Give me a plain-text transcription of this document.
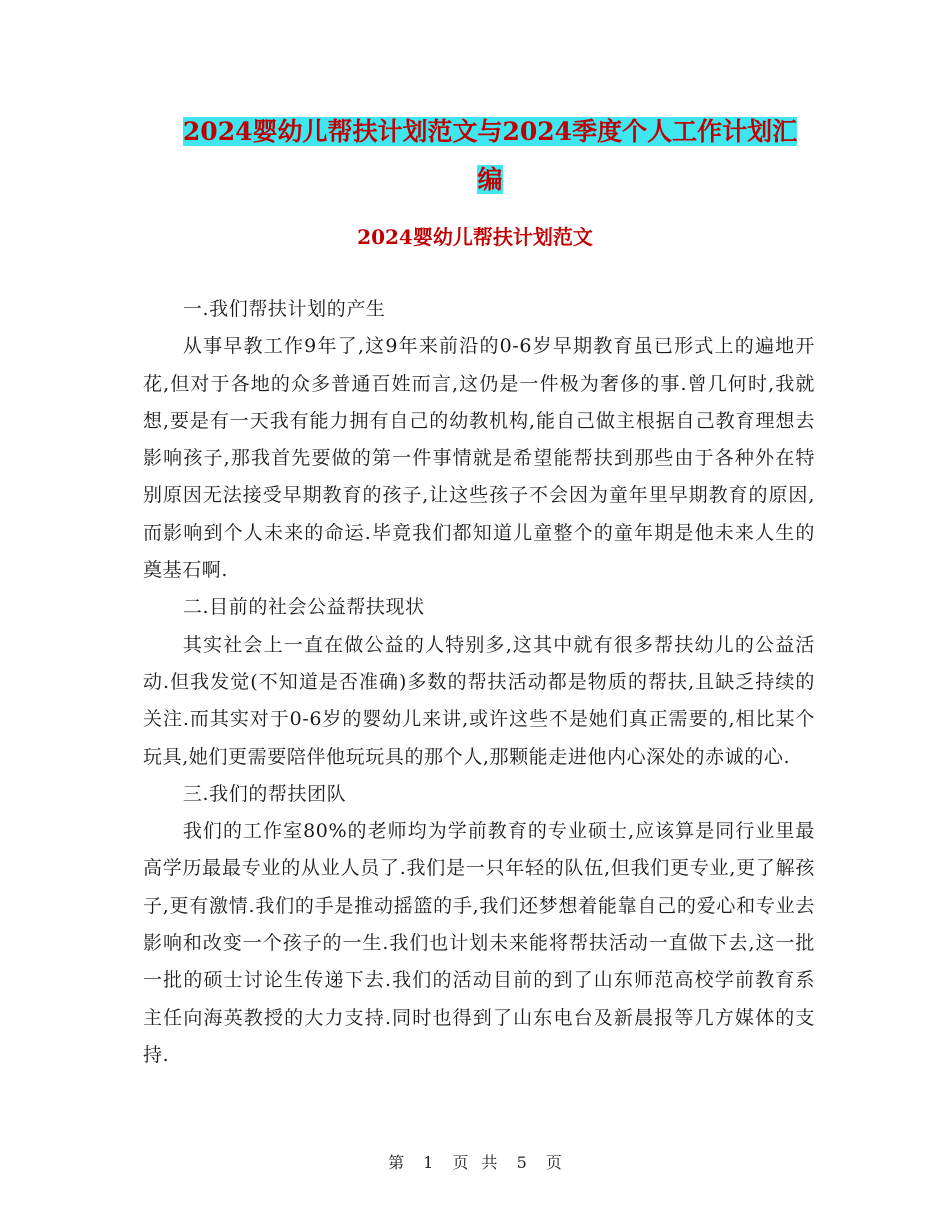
2024婴幼儿帮扶计划范文与2024季度个人工作计划汇
编
2024婴幼儿帮扶计划范文

一.我们帮扶计划的产生

从事早教工作9年了,这9年来前沿的0-6岁早期教育虽已形式上的遍地开花,但对于各地的众多普通百姓而言,这仍是一件极为奢侈的事.曾几何时,我就想,要是有一天我有能力拥有自己的幼教机构,能自己做主根据自己教育理想去影响孩子,那我首先要做的第一件事情就是希望能帮扶到那些由于各种外在特别原因无法接受早期教育的孩子,让这些孩子不会因为童年里早期教育的原因,而影响到个人未来的命运.毕竟我们都知道儿童整个的童年期是他未来人生的奠基石啊.

二.目前的社会公益帮扶现状

其实社会上一直在做公益的人特别多,这其中就有很多帮扶幼儿的公益活动.但我发觉(不知道是否准确)多数的帮扶活动都是物质的帮扶,且缺乏持续的关注.而其实对于0-6岁的婴幼儿来讲,或许这些不是她们真正需要的,相比某个玩具,她们更需要陪伴他玩玩具的那个人,那颗能走进他内心深处的赤诚的心.

三.我们的帮扶团队

我们的工作室80%的老师均为学前教育的专业硕士,应该算是同行业里最高学历最最专业的从业人员了.我们是一只年轻的队伍,但我们更专业,更了解孩子,更有激情.我们的手是推动摇篮的手,我们还梦想着能靠自己的爱心和专业去影响和改变一个孩子的一生.我们也计划未来能将帮扶活动一直做下去,这一批一批的硕士讨论生传递下去.我们的活动目前的到了山东师范高校学前教育系主任向海英教授的大力支持.同时也得到了山东电台及新晨报等几方媒体的支持.

第 1 页 共 5 页
